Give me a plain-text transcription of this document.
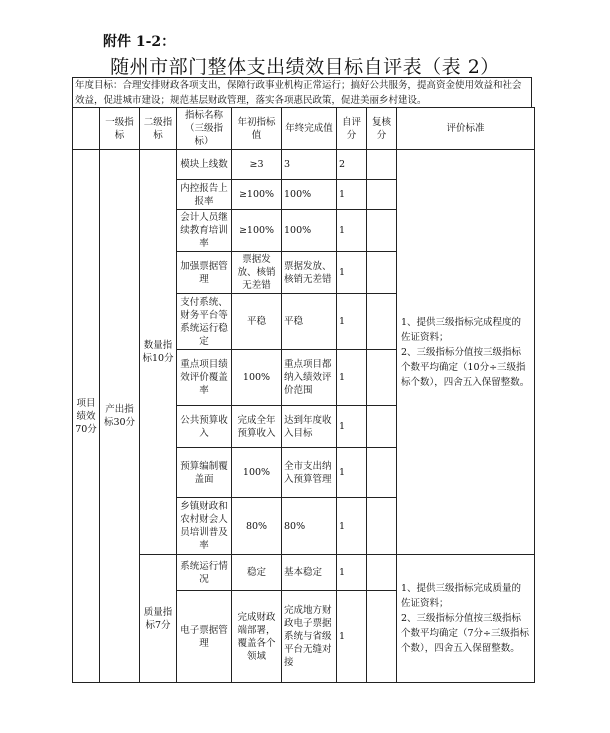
附件 1-2：
随州市部门整体支出绩效目标自评表（表 2）
年度目标：合理安排财政各项支出，保障行政事业机构正常运行；搞好公共服务，提高资金使用效益和社会效益，促进城市建设；规范基层财政管理，落实各项惠民政策，促进美丽乡村建设。
	一级指标	二级指标	指标名称（三级指标）	年初指标值	年终完成值	自评分	复核分	评价标准
项目绩效70分	产出指标30分	数量指标10分	模块上线数	≥3	3	2		1、提供三级指标完成程度的佐证资料；
2、三级指标分值按三级指标个数平均确定（10分÷三级指标个数），四舍五入保留整数。
			内控报告上报率	≥100%	100%	1		
			会计人员继续教育培训率	≥100%	100%	1		
			加强票据管理	票据发放、核销无差错	票据发放、核销无差错	1		
			支付系统、财务平台等系统运行稳定	平稳	平稳	1		
			重点项目绩效评价覆盖率	100%	重点项目都纳入绩效评价范围	1		
			公共预算收入	完成全年预算收入	达到年度收入目标	1		
			预算编制覆盖面	100%	全市支出纳入预算管理	1		
			乡镇财政和农村财会人员培训普及率	80%	80%	1		
		质量指标7分	系统运行情况	稳定	基本稳定	1		1、提供三级指标完成质量的佐证资料；
2、三级指标分值按三级指标个数平均确定（7分÷三级指标个数），四舍五入保留整数。
			电子票据管理	完成财政端部署，覆盖各个领域	完成地方财政电子票据系统与省级平台无缝对接	1		
